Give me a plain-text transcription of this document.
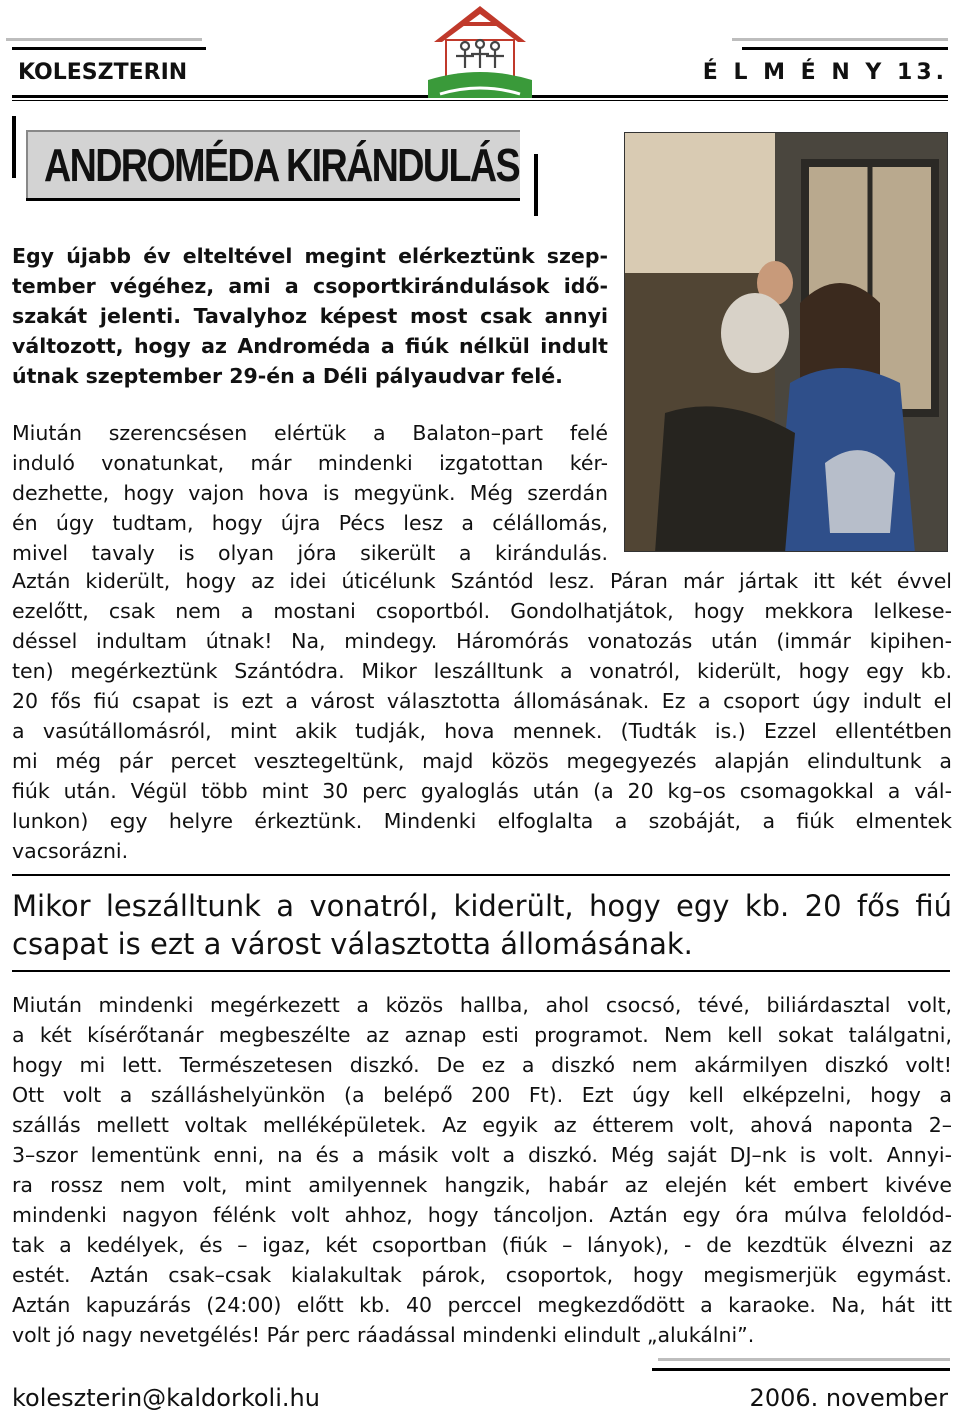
KOLESZTERIN	É L M É N Y 13.
ANDROMÉDA KIRÁNDULÁS
Egy újabb év elteltével megint elérkeztünk szep-
tember végéhez, ami a csoportkirándulások idő-
szakát jelenti. Tavalyhoz képest most csak annyi
változott, hogy az Androméda a fiúk nélkül indult
útnak szeptember 29-én a Déli pályaudvar felé.
Miután szerencsésen elértük a Balaton–part felé
induló vonatunkat, már mindenki izgatottan kér-
dezhette, hogy vajon hova is megyünk. Még szerdán
én úgy tudtam, hogy újra Pécs lesz a célállomás,
mivel tavaly is olyan jóra sikerült a kirándulás.
Aztán kiderült, hogy az idei úticélunk Szántód lesz. Páran már jártak itt két évvel
ezelőtt, csak nem a mostani csoportból. Gondolhatjátok, hogy mekkora lelkese-
déssel indultam útnak! Na, mindegy. Háromórás vonatozás után (immár kipihen-
ten) megérkeztünk Szántódra. Mikor leszálltunk a vonatról, kiderült, hogy egy kb.
20 fős fiú csapat is ezt a várost választotta állomásának. Ez a csoport úgy indult el
a vasútállomásról, mint akik tudják, hova mennek. (Tudták is.) Ezzel ellentétben
mi még pár percet vesztegeltünk, majd közös megegyezés alapján elindultunk a
fiúk után. Végül több mint 30 perc gyaloglás után (a 20 kg–os csomagokkal a vál-
lunkon) egy helyre érkeztünk. Mindenki elfoglalta a szobáját, a fiúk elmentek
vacsorázni.
Mikor leszálltunk a vonatról, kiderült, hogy egy kb. 20 fős fiú
csapat is ezt a várost választotta állomásának.
Miután mindenki megérkezett a közös hallba, ahol csocsó, tévé, biliárdasztal volt,
a két kísérőtanár megbeszélte az aznap esti programot. Nem kell sokat találgatni,
hogy mi lett. Természetesen diszkó. De ez a diszkó nem akármilyen diszkó volt!
Ott volt a szálláshelyünkön (a belépő 200 Ft). Ezt úgy kell elképzelni, hogy a
szállás mellett voltak melléképületek. Az egyik az étterem volt, ahová naponta 2–
3–szor lementünk enni, na és a másik volt a diszkó. Még saját DJ–nk is volt. Annyi-
ra rossz nem volt, mint amilyennek hangzik, habár az elején két embert kivéve
mindenki nagyon félénk volt ahhoz, hogy táncoljon. Aztán egy óra múlva feloldód-
tak a kedélyek, és – igaz, két csoportban (fiúk – lányok), - de kezdtük élvezni az
estét. Aztán csak–csak kialakultak párok, csoportok, hogy megismerjük egymást.
Aztán kapuzárás (24:00) előtt kb. 40 perccel megkezdődött a karaoke. Na, hát itt
volt jó nagy nevetgélés! Pár perc ráadással mindenki elindult „alukálni”.
koleszterin@kaldorkoli.hu	2006. november
